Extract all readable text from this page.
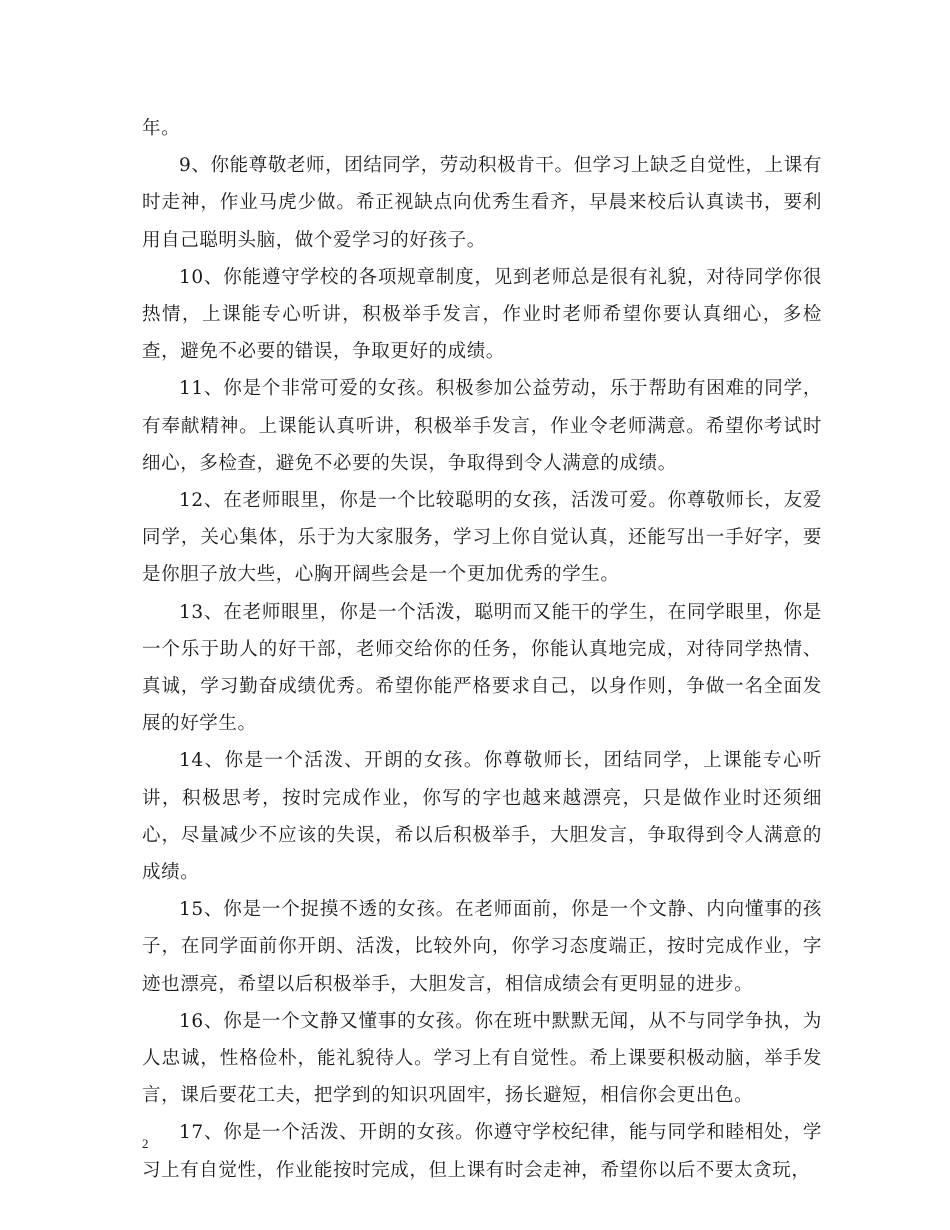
年。

9、你能尊敬老师，团结同学，劳动积极肯干。但学习上缺乏自觉性，上课有时走神，作业马虎少做。希正视缺点向优秀生看齐，早晨来校后认真读书，要利用自己聪明头脑，做个爱学习的好孩子。

10、你能遵守学校的各项规章制度，见到老师总是很有礼貌，对待同学你很热情，上课能专心听讲，积极举手发言，作业时老师希望你要认真细心，多检查，避免不必要的错误，争取更好的成绩。

11、你是个非常可爱的女孩。积极参加公益劳动，乐于帮助有困难的同学，有奉献精神。上课能认真听讲，积极举手发言，作业令老师满意。希望你考试时细心，多检查，避免不必要的失误，争取得到令人满意的成绩。

12、在老师眼里，你是一个比较聪明的女孩，活泼可爱。你尊敬师长，友爱同学，关心集体，乐于为大家服务，学习上你自觉认真，还能写出一手好字，要是你胆子放大些，心胸开阔些会是一个更加优秀的学生。

13、在老师眼里，你是一个活泼，聪明而又能干的学生，在同学眼里，你是一个乐于助人的好干部，老师交给你的任务，你能认真地完成，对待同学热情、真诚，学习勤奋成绩优秀。希望你能严格要求自己，以身作则，争做一名全面发展的好学生。

14、你是一个活泼、开朗的女孩。你尊敬师长，团结同学，上课能专心听讲，积极思考，按时完成作业，你写的字也越来越漂亮，只是做作业时还须细心，尽量减少不应该的失误，希以后积极举手，大胆发言，争取得到令人满意的成绩。

15、你是一个捉摸不透的女孩。在老师面前，你是一个文静、内向懂事的孩子，在同学面前你开朗、活泼，比较外向，你学习态度端正，按时完成作业，字迹也漂亮，希望以后积极举手，大胆发言，相信成绩会有更明显的进步。

16、你是一个文静又懂事的女孩。你在班中默默无闻，从不与同学争执，为人忠诚，性格俭朴，能礼貌待人。学习上有自觉性。希上课要积极动脑，举手发言，课后要花工夫，把学到的知识巩固牢，扬长避短，相信你会更出色。

17、你是一个活泼、开朗的女孩。你遵守学校纪律，能与同学和睦相处，学习上有自觉性，作业能按时完成，但上课有时会走神，希望你以后不要太贪玩，

2
